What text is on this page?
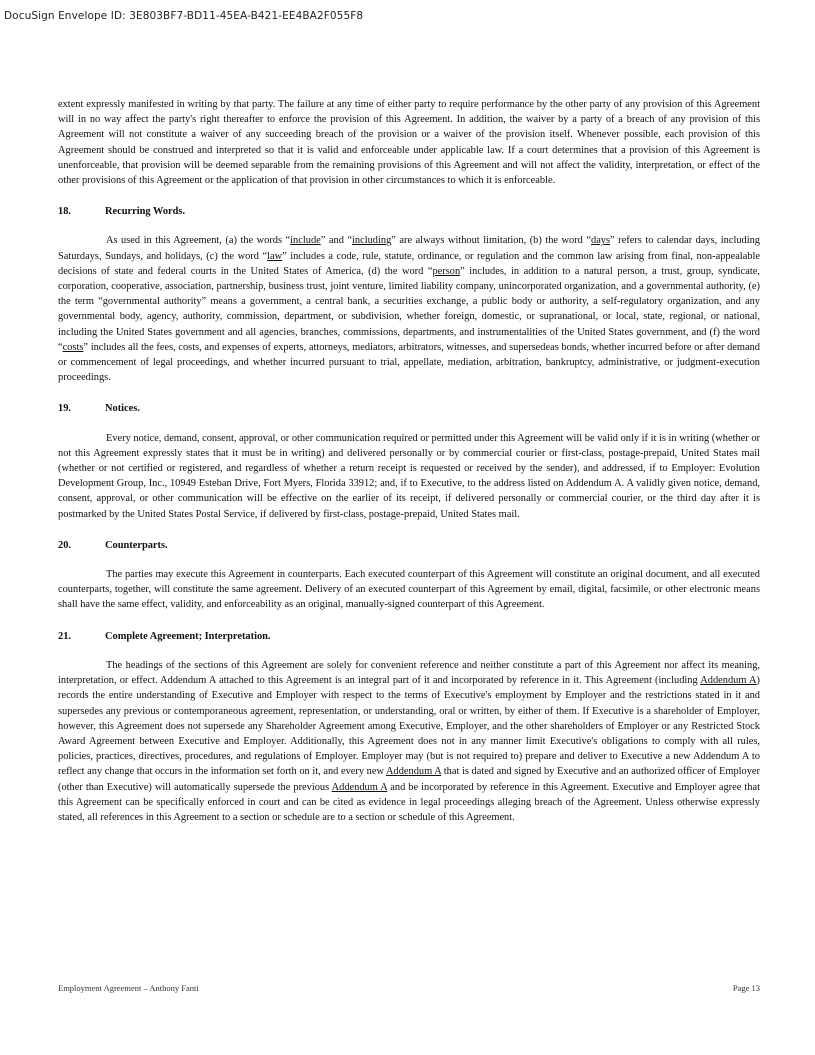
DocuSign Envelope ID: 3E803BF7-BD11-45EA-B421-EE4BA2F055F8

extent expressly manifested in writing by that party. The failure at any time of either party to require performance by the other party of any provision of this Agreement will in no way affect the party's right thereafter to enforce the provision of this Agreement. In addition, the waiver by a party of a breach of any provision of this Agreement will not constitute a waiver of any succeeding breach of the provision or a waiver of the provision itself. Whenever possible, each provision of this Agreement should be construed and interpreted so that it is valid and enforceable under applicable law. If a court determines that a provision of this Agreement is unenforceable, that provision will be deemed separable from the remaining provisions of this Agreement and will not affect the validity, interpretation, or effect of the other provisions of this Agreement or the application of that provision in other circumstances to which it is enforceable.

18.	Recurring Words.

As used in this Agreement, (a) the words “include” and “including” are always without limitation, (b) the word “days” refers to calendar days, including Saturdays, Sundays, and holidays, (c) the word “law” includes a code, rule, statute, ordinance, or regulation and the common law arising from final, non-appealable decisions of state and federal courts in the United States of America, (d) the word “person” includes, in addition to a natural person, a trust, group, syndicate, corporation, cooperative, association, partnership, business trust, joint venture, limited liability company, unincorporated organization, and a governmental authority, (e) the term “governmental authority” means a government, a central bank, a securities exchange, a public body or authority, a self-regulatory organization, and any governmental body, agency, authority, commission, department, or subdivision, whether foreign, domestic, or supranational, or local, state, regional, or national, including the United States government and all agencies, branches, commissions, departments, and instrumentalities of the United States government, and (f) the word “costs” includes all the fees, costs, and expenses of experts, attorneys, mediators, arbitrators, witnesses, and supersedeas bonds, whether incurred before or after demand or commencement of legal proceedings, and whether incurred pursuant to trial, appellate, mediation, arbitration, bankruptcy, administrative, or judgment-execution proceedings.

19.	Notices.

Every notice, demand, consent, approval, or other communication required or permitted under this Agreement will be valid only if it is in writing (whether or not this Agreement expressly states that it must be in writing) and delivered personally or by commercial courier or first-class, postage-prepaid, United States mail (whether or not certified or registered, and regardless of whether a return receipt is requested or received by the sender), and addressed, if to Employer: Evolution Development Group, Inc., 10949 Esteban Drive, Fort Myers, Florida 33912; and, if to Executive, to the address listed on Addendum A. A validly given notice, demand, consent, approval, or other communication will be effective on the earlier of its receipt, if delivered personally or commercial courier, or the third day after it is postmarked by the United States Postal Service, if delivered by first-class, postage-prepaid, United States mail.

20.	Counterparts.

The parties may execute this Agreement in counterparts. Each executed counterpart of this Agreement will constitute an original document, and all executed counterparts, together, will constitute the same agreement. Delivery of an executed counterpart of this Agreement by email, digital, facsimile, or other electronic means shall have the same effect, validity, and enforceability as an original, manually-signed counterpart of this Agreement.

21.	Complete Agreement; Interpretation.

The headings of the sections of this Agreement are solely for convenient reference and neither constitute a part of this Agreement nor affect its meaning, interpretation, or effect. Addendum A attached to this Agreement is an integral part of it and incorporated by reference in it. This Agreement (including Addendum A) records the entire understanding of Executive and Employer with respect to the terms of Executive's employment by Employer and the restrictions stated in it and supersedes any previous or contemporaneous agreement, representation, or understanding, oral or written, by either of them. If Executive is a shareholder of Employer, however, this Agreement does not supersede any Shareholder Agreement among Executive, Employer, and the other shareholders of Employer or any Restricted Stock Award Agreement between Executive and Employer. Additionally, this Agreement does not in any manner limit Executive's obligations to comply with all rules, policies, practices, directives, procedures, and regulations of Employer. Employer may (but is not required to) prepare and deliver to Executive a new Addendum A to reflect any change that occurs in the information set forth on it, and every new Addendum A that is dated and signed by Executive and an authorized officer of Employer (other than Executive) will automatically supersede the previous Addendum A and be incorporated by reference in this Agreement. Executive and Employer agree that this Agreement can be specifically enforced in court and can be cited as evidence in legal proceedings alleging breach of the Agreement. Unless otherwise expressly stated, all references in this Agreement to a section or schedule are to a section or schedule of this Agreement.

Employment Agreement – Anthony Fanti	Page 13
